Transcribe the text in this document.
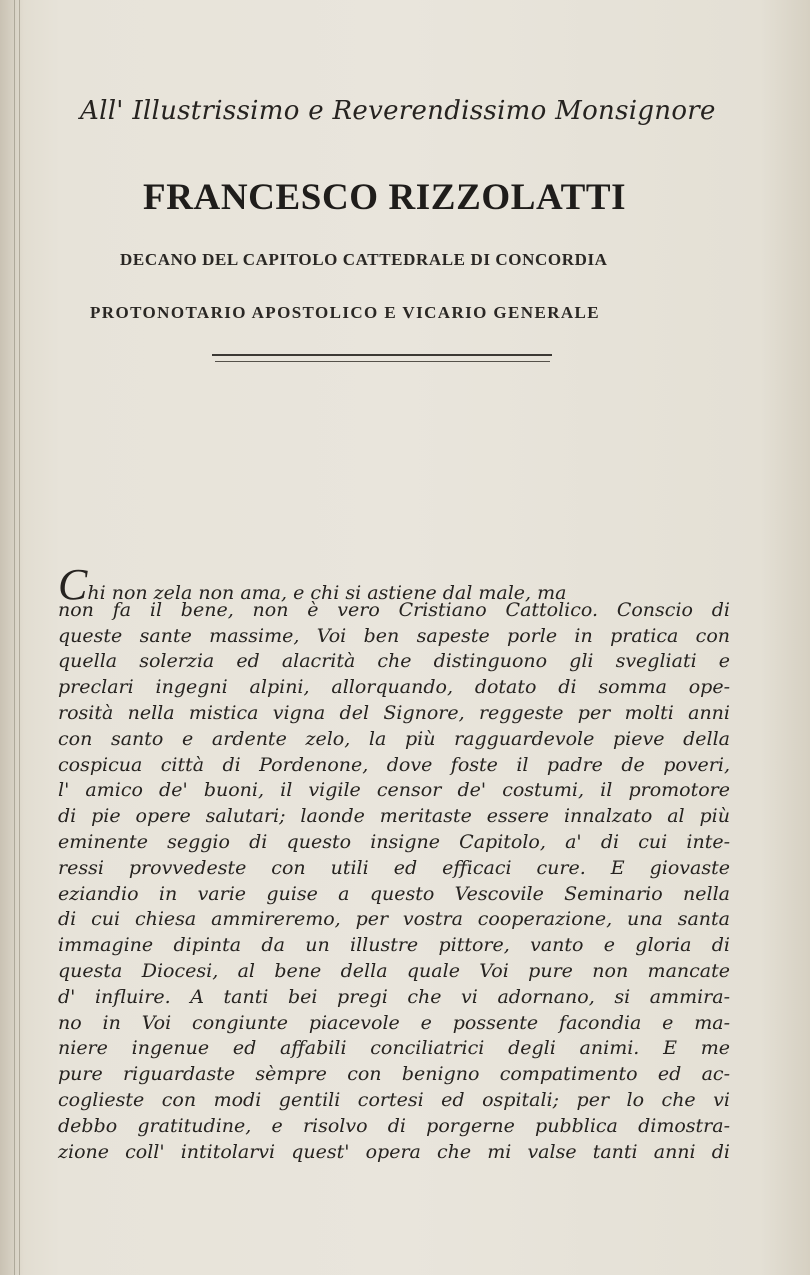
All' Illustrissimo e Reverendissimo Monsignore
FRANCESCO RIZZOLATTI
DECANO DEL CAPITOLO CATTEDRALE DI CONCORDIA
PROTONOTARIO APOSTOLICO E VICARIO GENERALE
Chi non zela non ama, e chi si astiene dal male, ma
non fa il bene, non è vero Cristiano Cattolico. Conscio di
queste sante massime, Voi ben sapeste porle in pratica con
quella solerzia ed alacrità che distinguono gli svegliati e
preclari ingegni alpini, allorquando, dotato di somma ope-
rosità nella mistica vigna del Signore, reggeste per molti anni
con santo e ardente zelo, la più ragguardevole pieve della
cospicua città di Pordenone, dove foste il padre de poveri,
l' amico de' buoni, il vigile censor de' costumi, il promotore
di pie opere salutari; laonde meritaste essere innalzato al più
eminente seggio di questo insigne Capitolo, a' di cui inte-
ressi provvedeste con utili ed efficaci cure. E giovaste
eziandio in varie guise a questo Vescovile Seminario nella
di cui chiesa ammireremo, per vostra cooperazione, una santa
immagine dipinta da un illustre pittore, vanto e gloria di
questa Diocesi, al bene della quale Voi pure non mancate
d' influire. A tanti bei pregi che vi adornano, si ammira-
no in Voi congiunte piacevole e possente facondia e ma-
niere ingenue ed affabili conciliatrici degli animi. E me
pure riguardaste sèmpre con benigno compatimento ed ac-
coglieste con modi gentili cortesi ed ospitali; per lo che vi
debbo gratitudine, e risolvo di porgerne pubblica dimostra-
zione coll' intitolarvi quest' opera che mi valse tanti anni di
